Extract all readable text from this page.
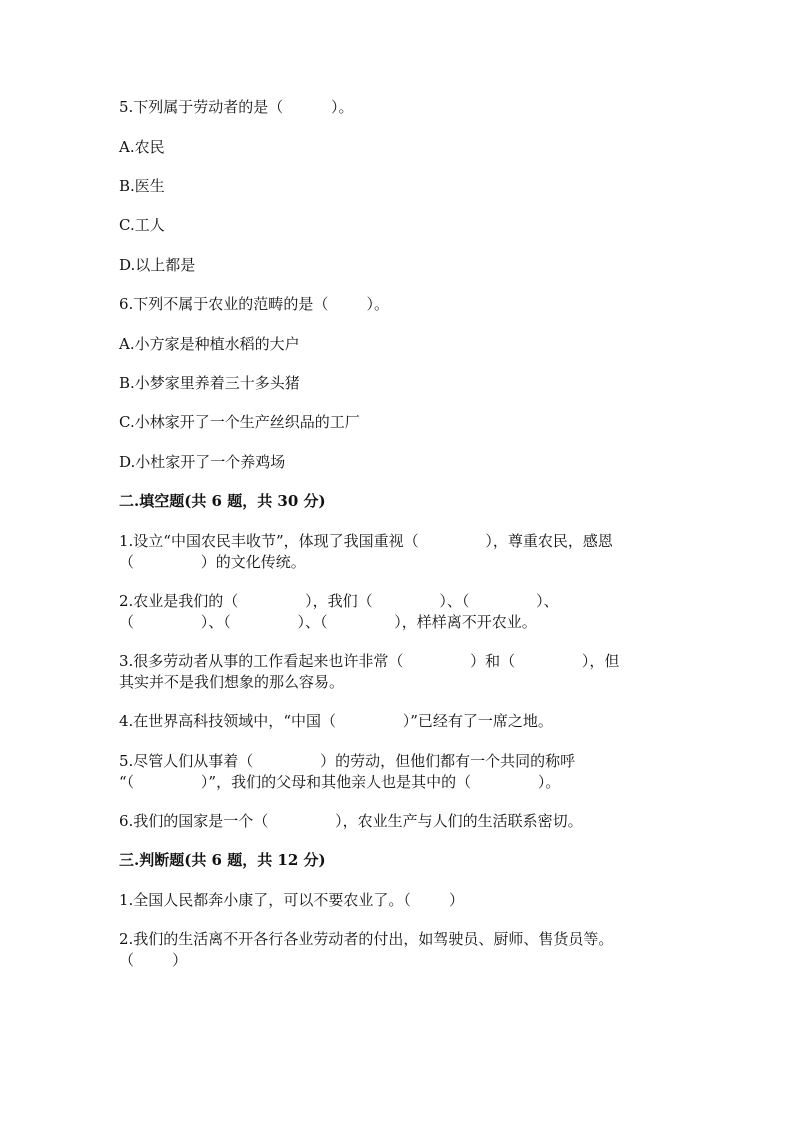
5.下列属于劳动者的是（          ）。
A.农民
B.医生
C.工人
D.以上都是
6.下列不属于农业的范畴的是（        ）。
A.小方家是种植水稻的大户
B.小梦家里养着三十多头猪
C.小林家开了一个生产丝织品的工厂
D.小杜家开了一个养鸡场
二.填空题(共 6 题，共 30 分)
1.设立“中国农民丰收节”，体现了我国重视（              ），尊重农民，感恩
（              ）的文化传统。
2.农业是我们的（              ），我们（              ）、（              ）、
（              ）、（              ）、（              ），样样离不开农业。
3.很多劳动者从事的工作看起来也许非常（              ）和（              ），但
其实并不是我们想象的那么容易。
4.在世界高科技领域中，“中国（              ）”已经有了一席之地。
5.尽管人们从事着（              ）的劳动，但他们都有一个共同的称呼
“（              ）”，我们的父母和其他亲人也是其中的（              ）。
6.我们的国家是一个（              ），农业生产与人们的生活联系密切。
三.判断题(共 6 题，共 12 分)
1.全国人民都奔小康了，可以不要农业了。（        ）
2.我们的生活离不开各行各业劳动者的付出，如驾驶员、厨师、售货员等。
（        ）
